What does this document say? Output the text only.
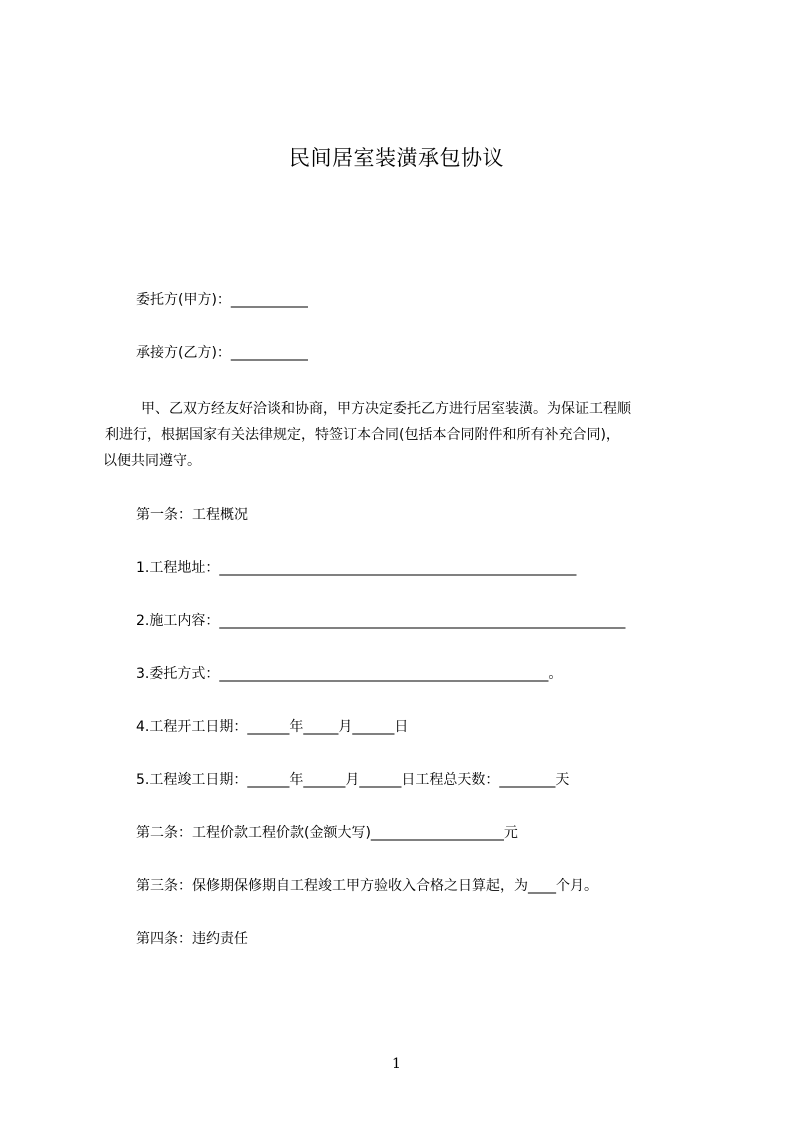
民间居室装潢承包协议
委托方(甲方)：___________
承接方(乙方)：___________
甲、乙双方经友好洽谈和协商，甲方决定委托乙方进行居室装潢。为保证工程顺
利进行，根据国家有关法律规定，特签订本合同(包括本合同附件和所有补充合同)，
以便共同遵守。
第一条：工程概况
1.工程地址：___________________________________________________
2.施工内容：__________________________________________________________
3.委托方式：_______________________________________________。
4.工程开工日期：______年_____月______日
5.工程竣工日期：______年______月______日工程总天数：________天
第二条：工程价款工程价款(金额大写)___________________元
第三条：保修期保修期自工程竣工甲方验收入合格之日算起，为____个月。
第四条：违约责任
1
